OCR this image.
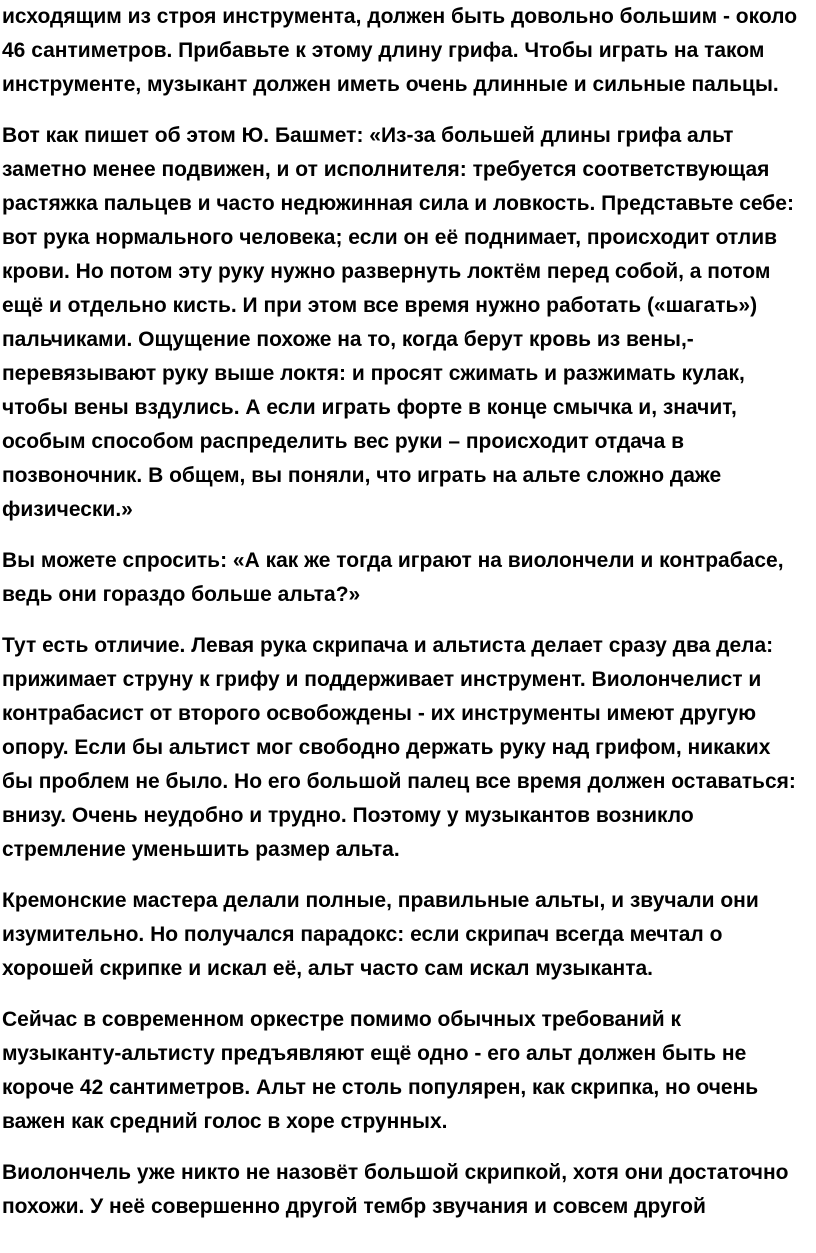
исходящим из строя инструмента, должен быть довольно большим - около
46 сантиметров. Прибавьте к этому длину грифа. Чтобы играть на таком
инструменте, музыкант должен иметь очень длинные и сильные пальцы.
Вот как пишет об этом Ю. Башмет: «Из-за большей длины грифа альт
заметно менее подвижен, и от исполнителя: требуется соответствующая
растяжка пальцев и часто недюжинная сила и ловкость. Представьте себе:
вот рука нормального человека; если он её поднимает, происходит отлив
крови. Но потом эту руку нужно развернуть локтём перед собой, а потом
ещё и отдельно кисть. И при этом все время нужно работать («шагать»)
пальчиками. Ощущение похоже на то, когда берут кровь из вены,-
перевязывают руку выше локтя: и просят сжимать и разжимать кулак,
чтобы вены вздулись. А если играть форте в конце смычка и, значит,
особым способом распределить вес руки – происходит отдача в
позвоночник. В общем, вы поняли, что играть на альте сложно даже
физически.»
Вы можете спросить: «А как же тогда играют на виолончели и контрабасе,
ведь они гораздо больше альта?»
Тут есть отличие. Левая рука скрипача и альтиста делает сразу два дела:
прижимает струну к грифу и поддерживает инструмент. Виолончелист и
контрабасист от второго освобождены - их инструменты имеют другую
опору. Если бы альтист мог свободно держать руку над грифом, никаких
бы проблем не было. Но его большой палец все время должен оставаться:
внизу. Очень неудобно и трудно. Поэтому у музыкантов возникло
стремление уменьшить размер альта.
Кремонские мастера делали полные, правильные альты, и звучали они
изумительно. Но получался парадокс: если скрипач всегда мечтал о
хорошей скрипке и искал её, альт часто сам искал музыканта.
Сейчас в современном оркестре помимо обычных требований к
музыканту-альтисту предъявляют ещё одно - его альт должен быть не
короче 42 сантиметров. Альт не столь популярен, как скрипка, но очень
важен как средний голос в хоре струнных.
Виолончель уже никто не назовёт большой скрипкой, хотя они достаточно
похожи. У неё совершенно другой тембр звучания и совсем другой
